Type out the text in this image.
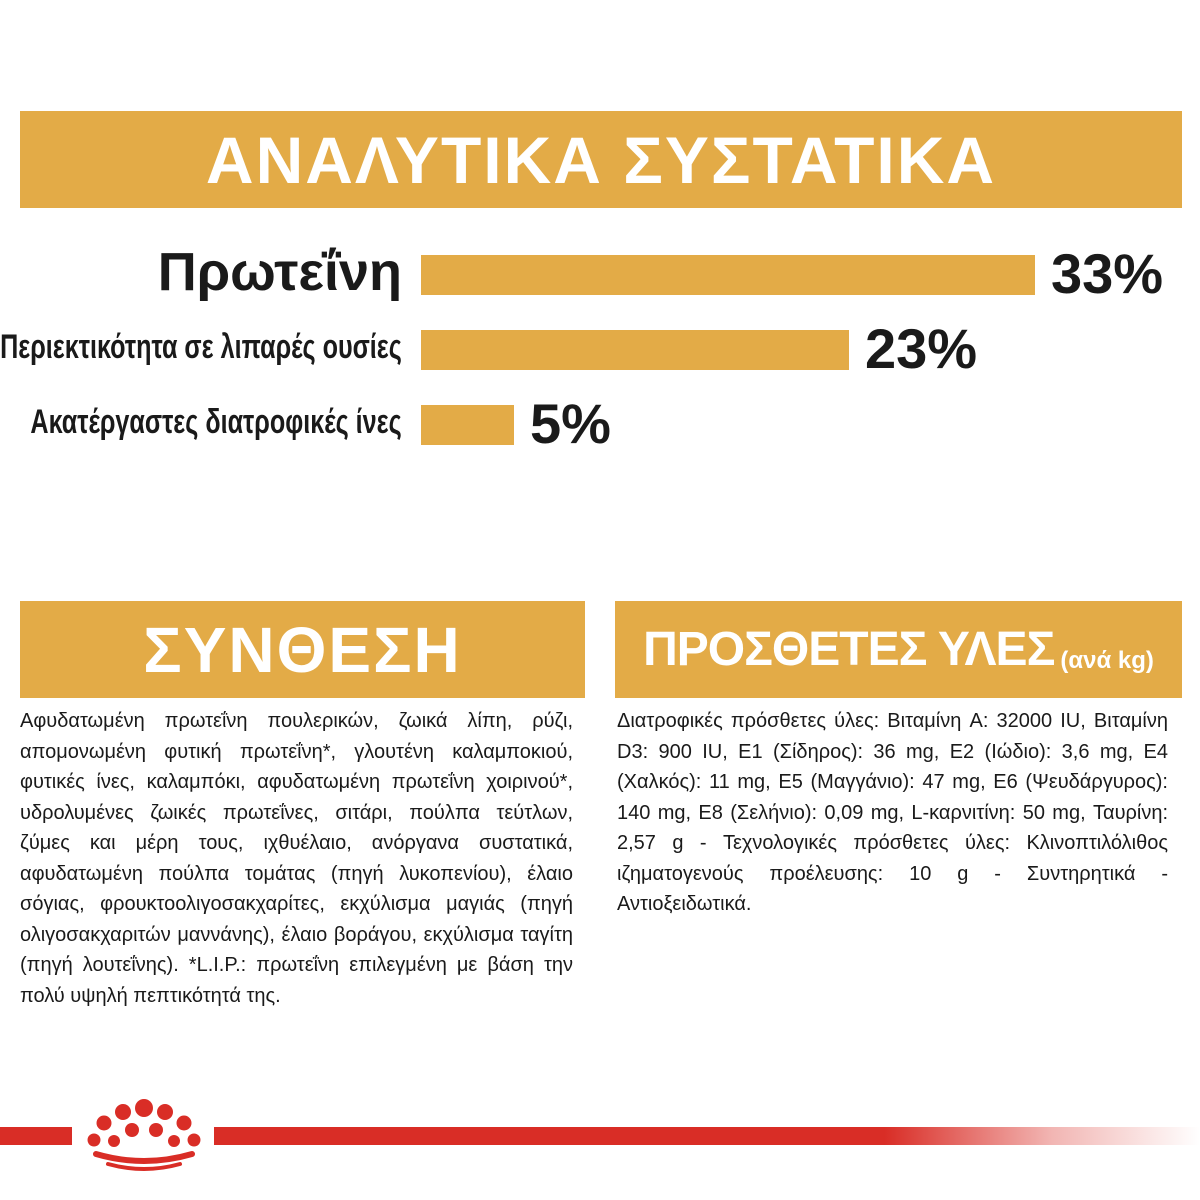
ΑΝΑΛΥΤΙΚΑ ΣΥΣΤΑΤΙΚΑ
Πρωτεΐνη	33%
Περιεκτικότητα σε λιπαρές ουσίες	23%
Ακατέργαστες διατροφικές ίνες 5%
ΣΥΝΘΕΣΗ
Αφυδατωμένη πρωτεΐνη πουλερικών, ζωικά λίπη, ρύζι, απομονωμένη φυτική πρωτεΐνη*, γλουτένη καλαμποκιού, φυτικές ίνες, καλαμπόκι, αφυδατωμένη πρωτεΐνη χοιρινού*, υδρολυμένες ζωικές πρωτεΐνες, σιτάρι, πούλπα τεύτλων, ζύμες και μέρη τους, ιχθυέλαιο, ανόργανα συστατικά, αφυδατωμένη πούλπα τομάτας (πηγή λυκοπενίου), έλαιο σόγιας, φρουκτοολιγοσακχαρίτες, εκχύλισμα μαγιάς (πηγή ολιγοσακχαριτών μαννάνης), έλαιο βοράγου, εκχύλισμα ταγίτη (πηγή λουτεΐνης). *L.I.P.: πρωτεΐνη επιλεγμένη με βάση την πολύ υψηλή πεπτικότητά της.
ΠΡΟΣΘΕΤΕΣ ΥΛΕΣ (ανά kg)
Διατροφικές πρόσθετες ύλες: Βιταμίνη A: 32000 IU, Βιταμίνη D3: 900 IU, E1 (Σίδηρος): 36 mg, E2 (Ιώδιο): 3,6 mg, E4 (Χαλκός): 11 mg, E5 (Μαγγάνιο): 47 mg, E6 (Ψευδάργυρος): 140 mg, E8 (Σελήνιο): 0,09 mg, L-καρνιτίνη: 50 mg, Ταυρίνη: 2,57 g - Τεχνολογικές πρόσθετες ύλες: Κλινοπτιλόλιθος ιζηματογενούς προέλευσης: 10 g - Συντηρητικά - Αντιοξειδωτικά.
